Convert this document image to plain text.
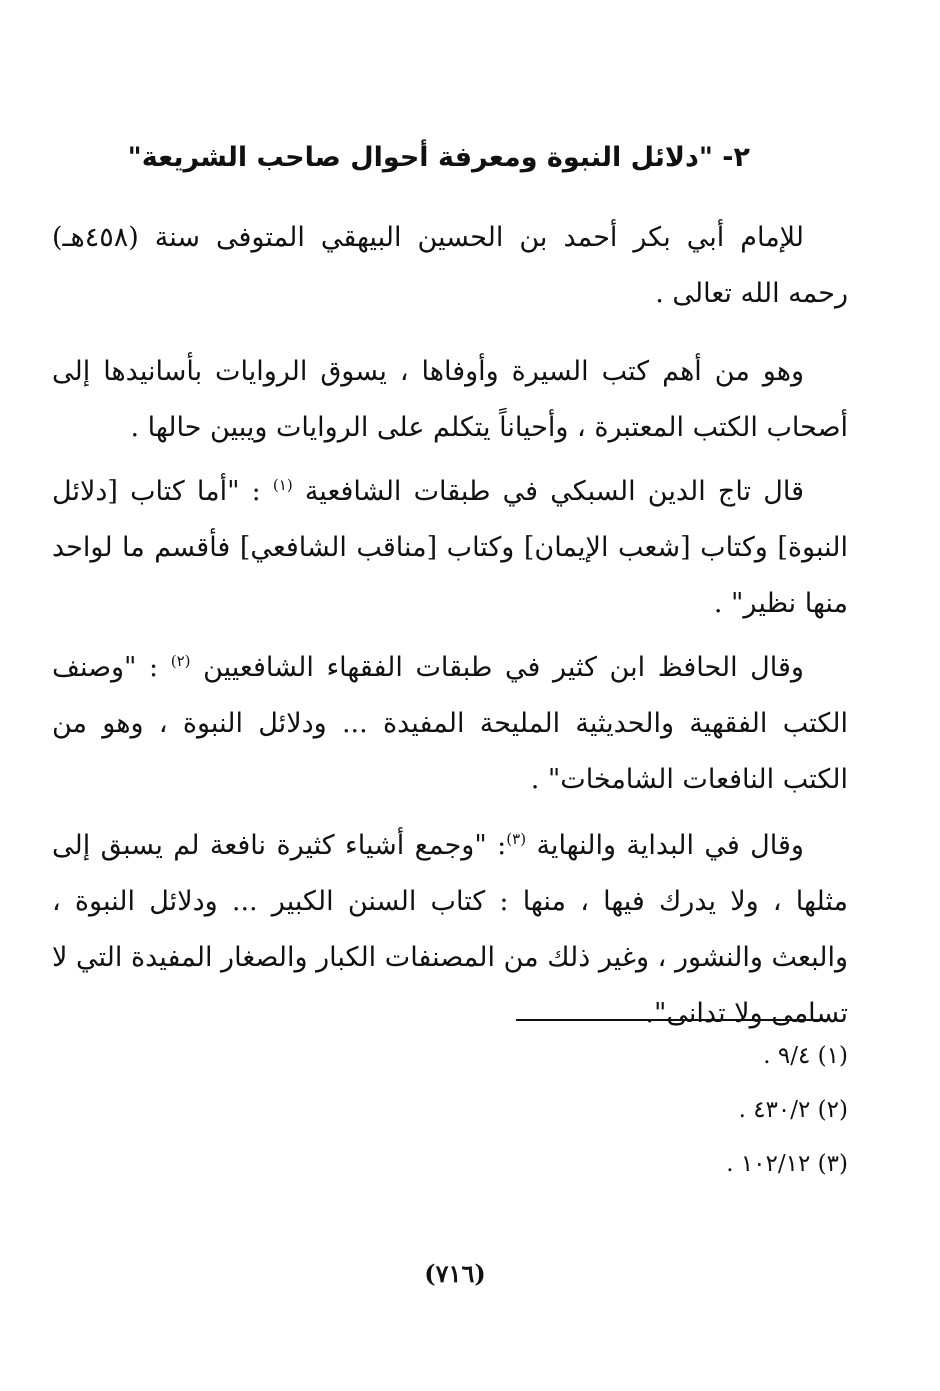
٢- "دلائل النبوة ومعرفة أحوال صاحب الشريعة"

للإمام أبي بكر أحمد بن الحسين البيهقي المتوفى سنة (٤٥٨هـ) رحمه الله تعالى .

وهو من أهم كتب السيرة وأوفاها ، يسوق الروايات بأسانيدها إلى أصحاب الكتب المعتبرة ، وأحياناً يتكلم على الروايات ويبين حالها .

قال تاج الدين السبكي في طبقات الشافعية $^{(١)}$ : "أما كتاب [دلائل النبوة] وكتاب [شعب الإيمان] وكتاب [مناقب الشافعي] فأقسم ما لواحد منها نظير" .

وقال الحافظ ابن كثير في طبقات الفقهاء الشافعيين $^{(٢)}$ : "وصنف الكتب الفقهية والحديثية المليحة المفيدة ... ودلائل النبوة ، وهو من الكتب النافعات الشامخات" .

وقال في البداية والنهاية $^{(٣)}$: "وجمع أشياء كثيرة نافعة لم يسبق إلى مثلها ، ولا يدرك فيها ، منها : كتاب السنن الكبير ... ودلائل النبوة ، والبعث والنشور ، وغير ذلك من المصنفات الكبار والصغار المفيدة التي لا تسامى ولا تدانى".

(١) ٩/٤ .
(٢) ٤٣٠/٢ .
(٣) ١٠٢/١٢ .
(٧١٦)
